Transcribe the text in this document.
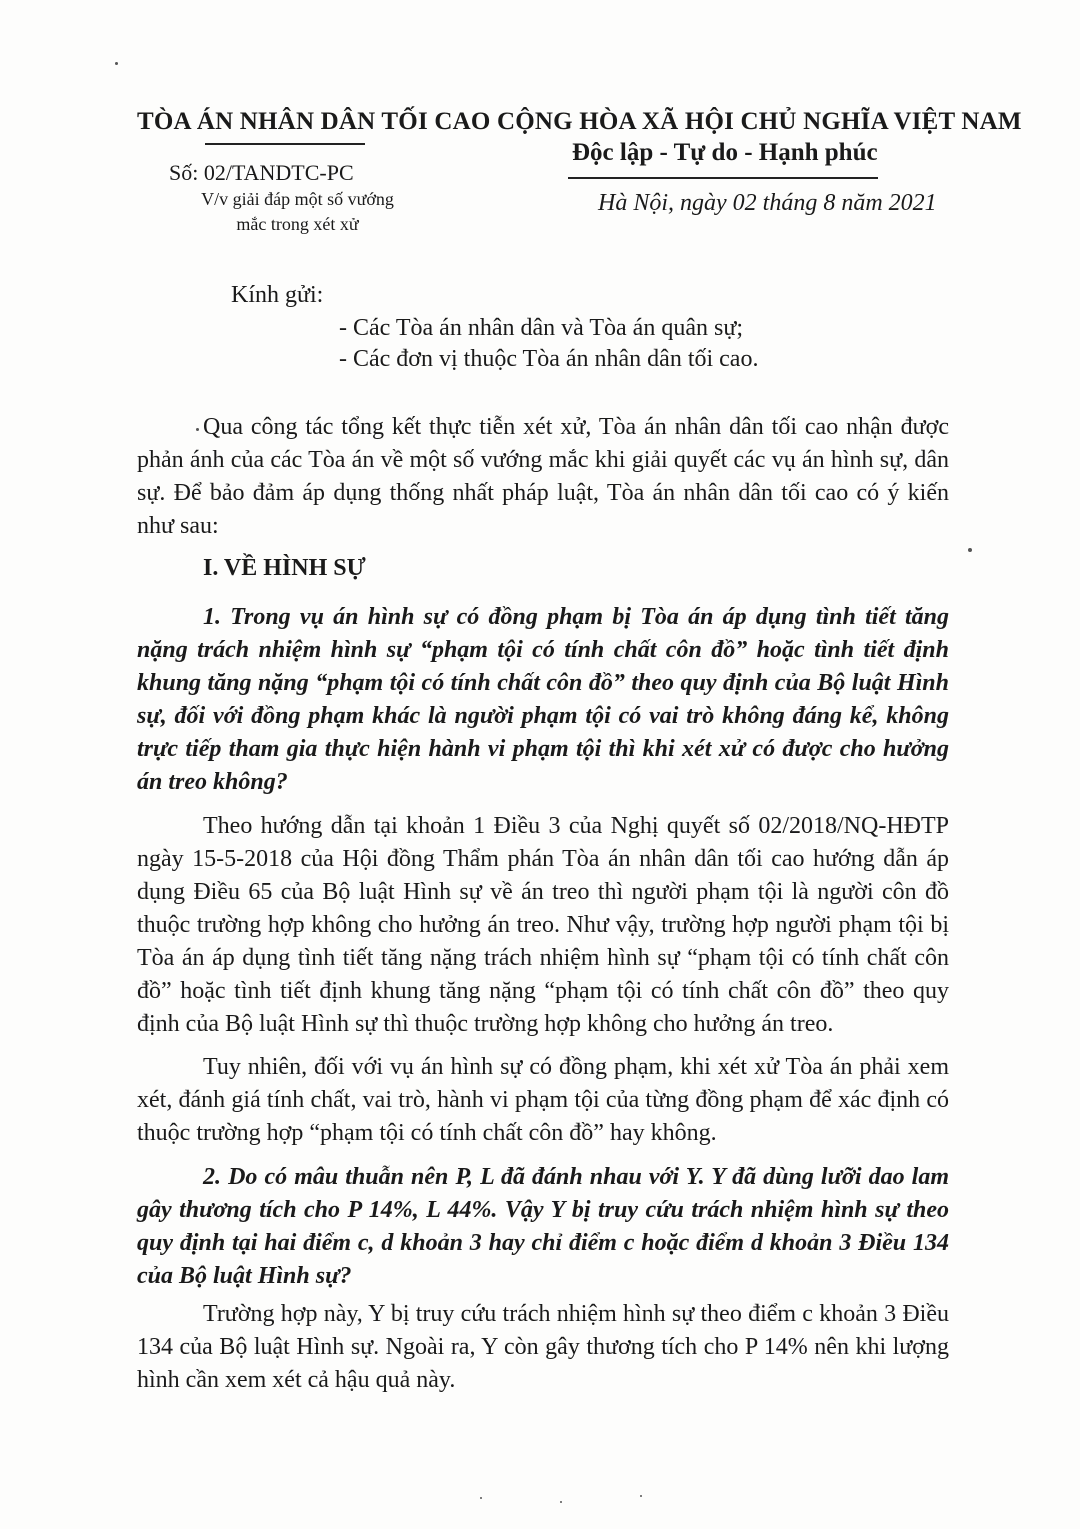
TÒA ÁN NHÂN DÂN TỐI CAO
Số: 02/TANDTC-PC
V/v giải đáp một số vướng mắc trong xét xử
CỘNG HÒA XÃ HỘI CHỦ NGHĨA VIỆT NAM
Độc lập - Tự do - Hạnh phúc
Hà Nội, ngày 02 tháng 8 năm 2021
Kính gửi:
- Các Tòa án nhân dân và Tòa án quân sự;
- Các đơn vị thuộc Tòa án nhân dân tối cao.
Qua công tác tổng kết thực tiễn xét xử, Tòa án nhân dân tối cao nhận được phản ánh của các Tòa án về một số vướng mắc khi giải quyết các vụ án hình sự, dân sự. Để bảo đảm áp dụng thống nhất pháp luật, Tòa án nhân dân tối cao có ý kiến như sau:
I. VỀ HÌNH SỰ
1. Trong vụ án hình sự có đồng phạm bị Tòa án áp dụng tình tiết tăng nặng trách nhiệm hình sự “phạm tội có tính chất côn đồ” hoặc tình tiết định khung tăng nặng “phạm tội có tính chất côn đồ” theo quy định của Bộ luật Hình sự, đối với đồng phạm khác là người phạm tội có vai trò không đáng kể, không trực tiếp tham gia thực hiện hành vi phạm tội thì khi xét xử có được cho hưởng án treo không?
Theo hướng dẫn tại khoản 1 Điều 3 của Nghị quyết số 02/2018/NQ-HĐTP ngày 15-5-2018 của Hội đồng Thẩm phán Tòa án nhân dân tối cao hướng dẫn áp dụng Điều 65 của Bộ luật Hình sự về án treo thì người phạm tội là người côn đồ thuộc trường hợp không cho hưởng án treo. Như vậy, trường hợp người phạm tội bị Tòa án áp dụng tình tiết tăng nặng trách nhiệm hình sự “phạm tội có tính chất côn đồ” hoặc tình tiết định khung tăng nặng “phạm tội có tính chất côn đồ” theo quy định của Bộ luật Hình sự thì thuộc trường hợp không cho hưởng án treo.
Tuy nhiên, đối với vụ án hình sự có đồng phạm, khi xét xử Tòa án phải xem xét, đánh giá tính chất, vai trò, hành vi phạm tội của từng đồng phạm để xác định có thuộc trường hợp “phạm tội có tính chất côn đồ” hay không.
2. Do có mâu thuẫn nên P, L đã đánh nhau với Y. Y đã dùng lưỡi dao lam gây thương tích cho P 14%, L 44%. Vậy Y bị truy cứu trách nhiệm hình sự theo quy định tại hai điểm c, d khoản 3 hay chỉ điểm c hoặc điểm d khoản 3 Điều 134 của Bộ luật Hình sự?
Trường hợp này, Y bị truy cứu trách nhiệm hình sự theo điểm c khoản 3 Điều 134 của Bộ luật Hình sự. Ngoài ra, Y còn gây thương tích cho P 14% nên khi lượng hình cần xem xét cả hậu quả này.
